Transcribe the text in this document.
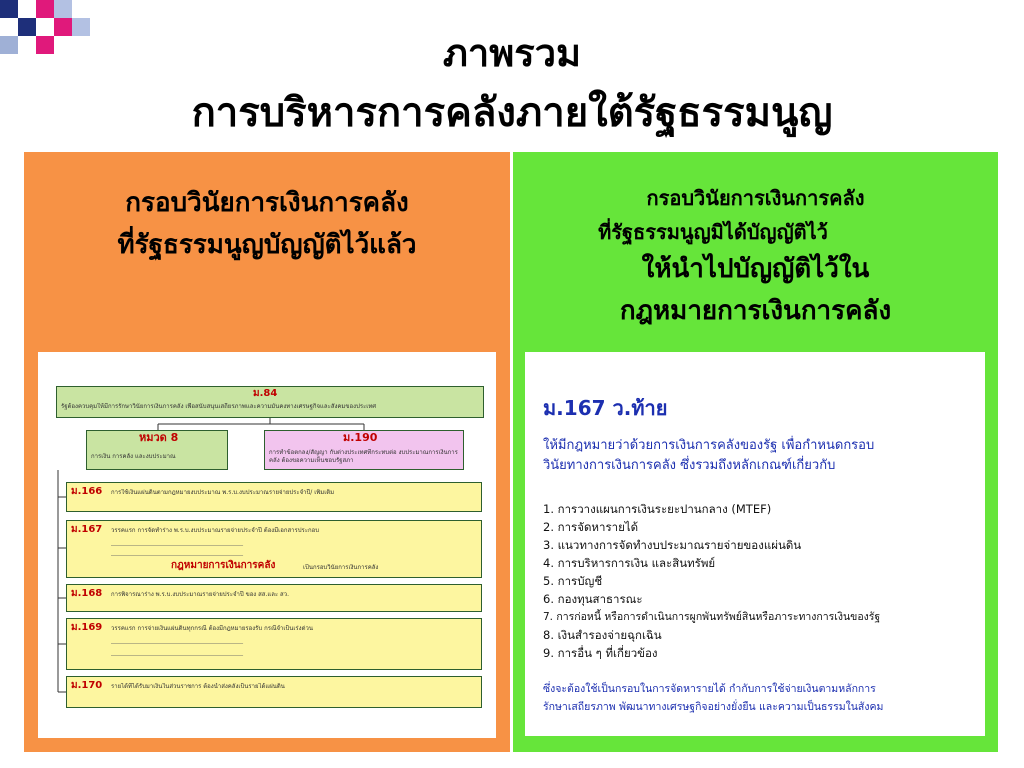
ภาพรวม
การบริหารการคลังภายใต้รัฐธรรมนูญ
กรอบวินัยการเงินการคลัง
ที่รัฐธรรมนูญบัญญัติไว้แล้ว
ม.84
รัฐต้องควบคุมให้มีการรักษาวินัยการเงินการคลัง เพื่อสนับสนุนเสถียรภาพและความมั่นคงทางเศรษฐกิจและสังคมของประเทศ
หมวด 8
การเงิน การคลัง และงบประมาณ
ม.190
การทำข้อตกลง/สัญญา กับต่างประเทศที่กระทบต่อ งบประมาณการเงินการคลัง ต้องขอความเห็นชอบรัฐสภา
ม.166 การใช้เงินแผ่นดินตามกฎหมายงบประมาณ พ.ร.บ.งบประมาณรายจ่ายประจำปี/ เพิ่มเติม
ม.167 วรรคแรก การจัดทำร่าง พ.ร.บ.งบประมาณรายจ่ายประจำปี ต้องมีเอกสารประกอบ
____________________________________________
____________________________________________
กฎหมายการเงินการคลัง	เป็นกรอบวินัยการเงินการคลัง
ม.168 การพิจารณาร่าง พ.ร.บ.งบประมาณรายจ่ายประจำปี ของ สส.และ สว.
ม.169 วรรคแรก การจ่ายเงินแผ่นดินทุกกรณี ต้องมีกฎหมายรองรับ กรณีจำเป็นเร่งด่วน
____________________________________________
____________________________________________
ม.170 รายได้ที่ได้รับมาเงินในส่วนราชการ ต้องนำส่งคลังเป็นรายได้แผ่นดิน
กรอบวินัยการเงินการคลัง
ที่รัฐธรรมนูญมิได้บัญญัติไว้
ให้นำไปบัญญัติไว้ใน
กฎหมายการเงินการคลัง
ม.167 ว.ท้าย
ให้มีกฎหมายว่าด้วยการเงินการคลังของรัฐ เพื่อกำหนดกรอบ
วินัยทางการเงินการคลัง ซึ่งรวมถึงหลักเกณฑ์เกี่ยวกับ
1. การวางแผนการเงินระยะปานกลาง (MTEF)
2. การจัดหารายได้
3. แนวทางการจัดทำงบประมาณรายจ่ายของแผ่นดิน
4. การบริหารการเงิน และสินทรัพย์
5. การบัญชี
6. กองทุนสาธารณะ
7. การก่อหนี้ หรือการดำเนินการผูกพันทรัพย์สินหรือภาระทางการเงินของรัฐ
8. เงินสำรองจ่ายฉุกเฉิน
9. การอื่น ๆ ที่เกี่ยวข้อง
ซึ่งจะต้องใช้เป็นกรอบในการจัดหารายได้ กำกับการใช้จ่ายเงินตามหลักการ
รักษาเสถียรภาพ พัฒนาทางเศรษฐกิจอย่างยั่งยืน และความเป็นธรรมในสังคม
